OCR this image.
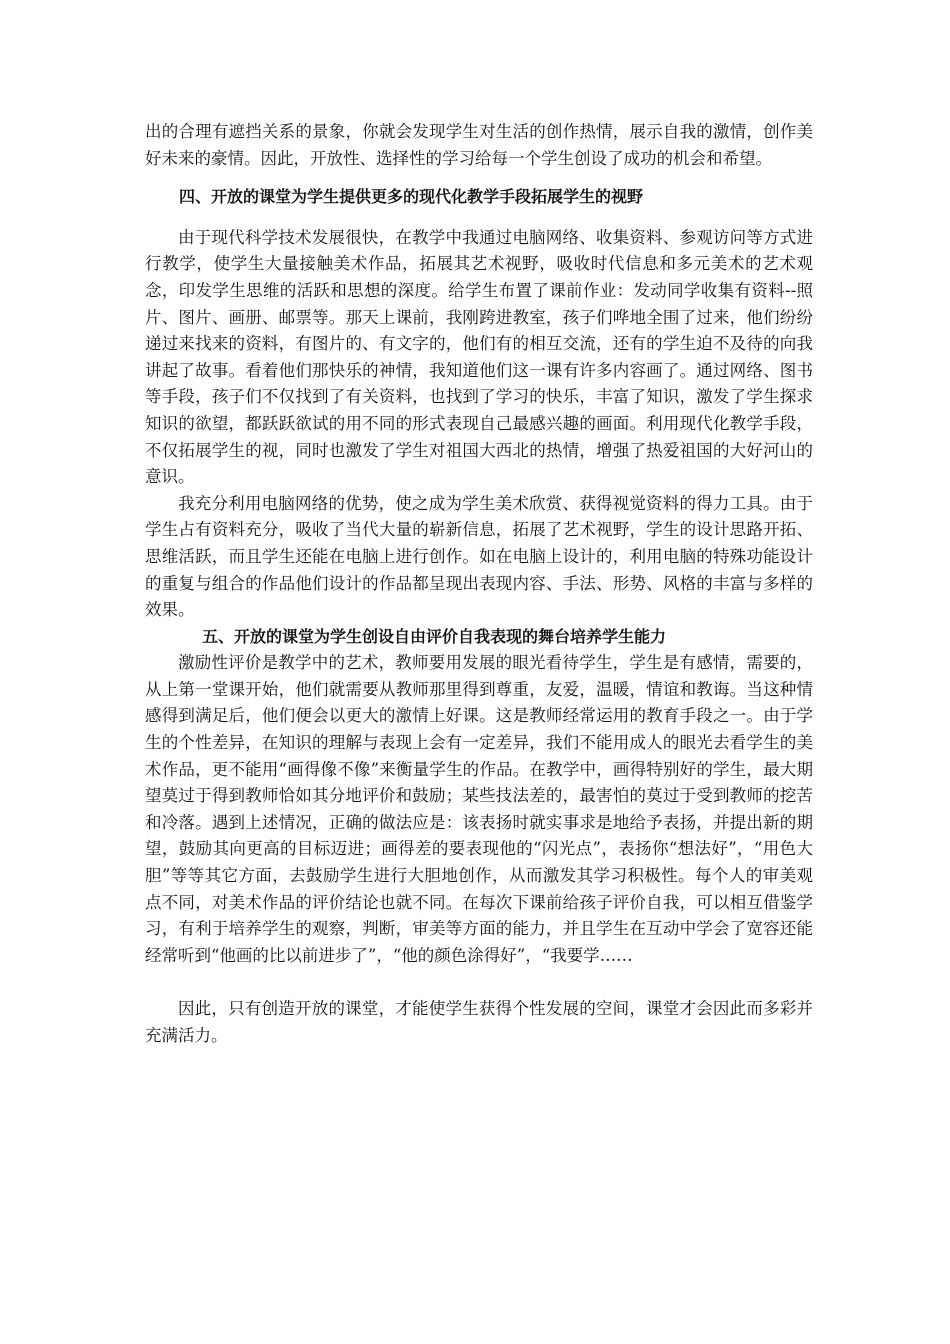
出的合理有遮挡关系的景象，你就会发现学生对生活的创作热情，展示自我的激情，创作美好未来的豪情。因此，开放性、选择性的学习给每一个学生创设了成功的机会和希望。

四、开放的课堂为学生提供更多的现代化教学手段拓展学生的视野

由于现代科学技术发展很快，在教学中我通过电脑网络、收集资料、参观访问等方式进行教学，使学生大量接触美术作品，拓展其艺术视野，吸收时代信息和多元美术的艺术观念，印发学生思维的活跃和思想的深度。给学生布置了课前作业：发动同学收集有资料--照片、图片、画册、邮票等。那天上课前，我刚跨进教室，孩子们哗地全围了过来，他们纷纷递过来找来的资料，有图片的、有文字的，他们有的相互交流，还有的学生迫不及待的向我讲起了故事。看着他们那快乐的神情，我知道他们这一课有许多内容画了。通过网络、图书等手段，孩子们不仅找到了有关资料，也找到了学习的快乐，丰富了知识，激发了学生探求知识的欲望，都跃跃欲试的用不同的形式表现自己最感兴趣的画面。利用现代化教学手段，不仅拓展学生的视，同时也激发了学生对祖国大西北的热情，增强了热爱祖国的大好河山的意识。

我充分利用电脑网络的优势，使之成为学生美术欣赏、获得视觉资料的得力工具。由于学生占有资料充分，吸收了当代大量的崭新信息，拓展了艺术视野，学生的设计思路开拓、思维活跃，而且学生还能在电脑上进行创作。如在电脑上设计的，利用电脑的特殊功能设计的重复与组合的作品他们设计的作品都呈现出表现内容、手法、形势、风格的丰富与多样的效果。

五、开放的课堂为学生创设自由评价自我表现的舞台培养学生能力

激励性评价是教学中的艺术，教师要用发展的眼光看待学生，学生是有感情，需要的，从上第一堂课开始，他们就需要从教师那里得到尊重，友爱，温暖，情谊和教诲。当这种情感得到满足后，他们便会以更大的激情上好课。这是教师经常运用的教育手段之一。由于学生的个性差异，在知识的理解与表现上会有一定差异，我们不能用成人的眼光去看学生的美术作品，更不能用“画得像不像”来衡量学生的作品。在教学中，画得特别好的学生，最大期望莫过于得到教师恰如其分地评价和鼓励；某些技法差的，最害怕的莫过于受到教师的挖苦和冷落。遇到上述情况，正确的做法应是：该表扬时就实事求是地给予表扬，并提出新的期望，鼓励其向更高的目标迈进；画得差的要表现他的“闪光点”，表扬你“想法好”，“用色大胆”等等其它方面，去鼓励学生进行大胆地创作，从而激发其学习积极性。每个人的审美观点不同，对美术作品的评价结论也就不同。在每次下课前给孩子评价自我，可以相互借鉴学习，有利于培养学生的观察，判断，审美等方面的能力，并且学生在互动中学会了宽容还能经常听到“他画的比以前进步了”，“他的颜色涂得好”，“我要学……

因此，只有创造开放的课堂，才能使学生获得个性发展的空间，课堂才会因此而多彩并充满活力。
